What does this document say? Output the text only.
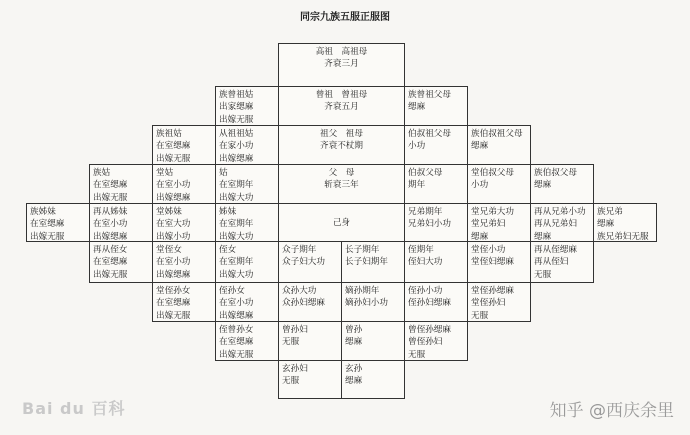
同宗九族五服正服图
高祖　高祖母
齐衰三月
族曾祖姑
出家缌麻
出嫁无服
曾祖　曾祖母
齐衰五月
族曾祖父母
缌麻
族祖姑
在室缌麻
出嫁无服
从祖祖姑
在家小功
出嫁缌麻
祖父　祖母
齐衰不杖期
伯叔祖父母
小功
族伯叔祖父母
缌麻
族姑
在室缌麻
出嫁无服
堂姑
在室小功
出嫁缌麻
姑
在室期年
出嫁大功
父　母
斩衰三年
伯叔父母
期年
堂伯叔父母
小功
族伯叔父母
缌麻
族姊妹
在室缌麻
出嫁无服
再从姊妹
在室小功
出嫁缌麻
堂姊妹
在室大功
出嫁小功
姊妹
在室期年
出嫁大功
己身
兄弟期年
兄弟妇小功
堂兄弟大功
堂兄弟妇
缌麻
再从兄弟小功
再从兄弟妇
缌麻
族兄弟
缌麻
族兄弟妇无服
再从侄女
在室缌麻
出嫁无服
堂侄女
在室小功
出嫁缌麻
侄女
在室期年
出嫁大功
众子期年
众子妇大功
长子期年
长子妇期年
侄期年
侄妇大功
堂侄小功
堂侄妇缌麻
再从侄缌麻
再从侄妇
无服
堂侄孙女
在室缌麻
出嫁无服
侄孙女
在室小功
出嫁缌麻
众孙大功
众孙妇缌麻
嫡孙期年
嫡孙妇小功
侄孙小功
侄孙妇缌麻
堂侄孙缌麻
堂侄孙妇
无服
侄曾孙女
在室缌麻
出嫁无服
曾孙妇
无服
曾孙
缌麻
曾侄孙缌麻
曾侄孙妇
无服
玄孙妇
无服
玄孙
缌麻
Bai du 百科	知乎 @西庆余里
